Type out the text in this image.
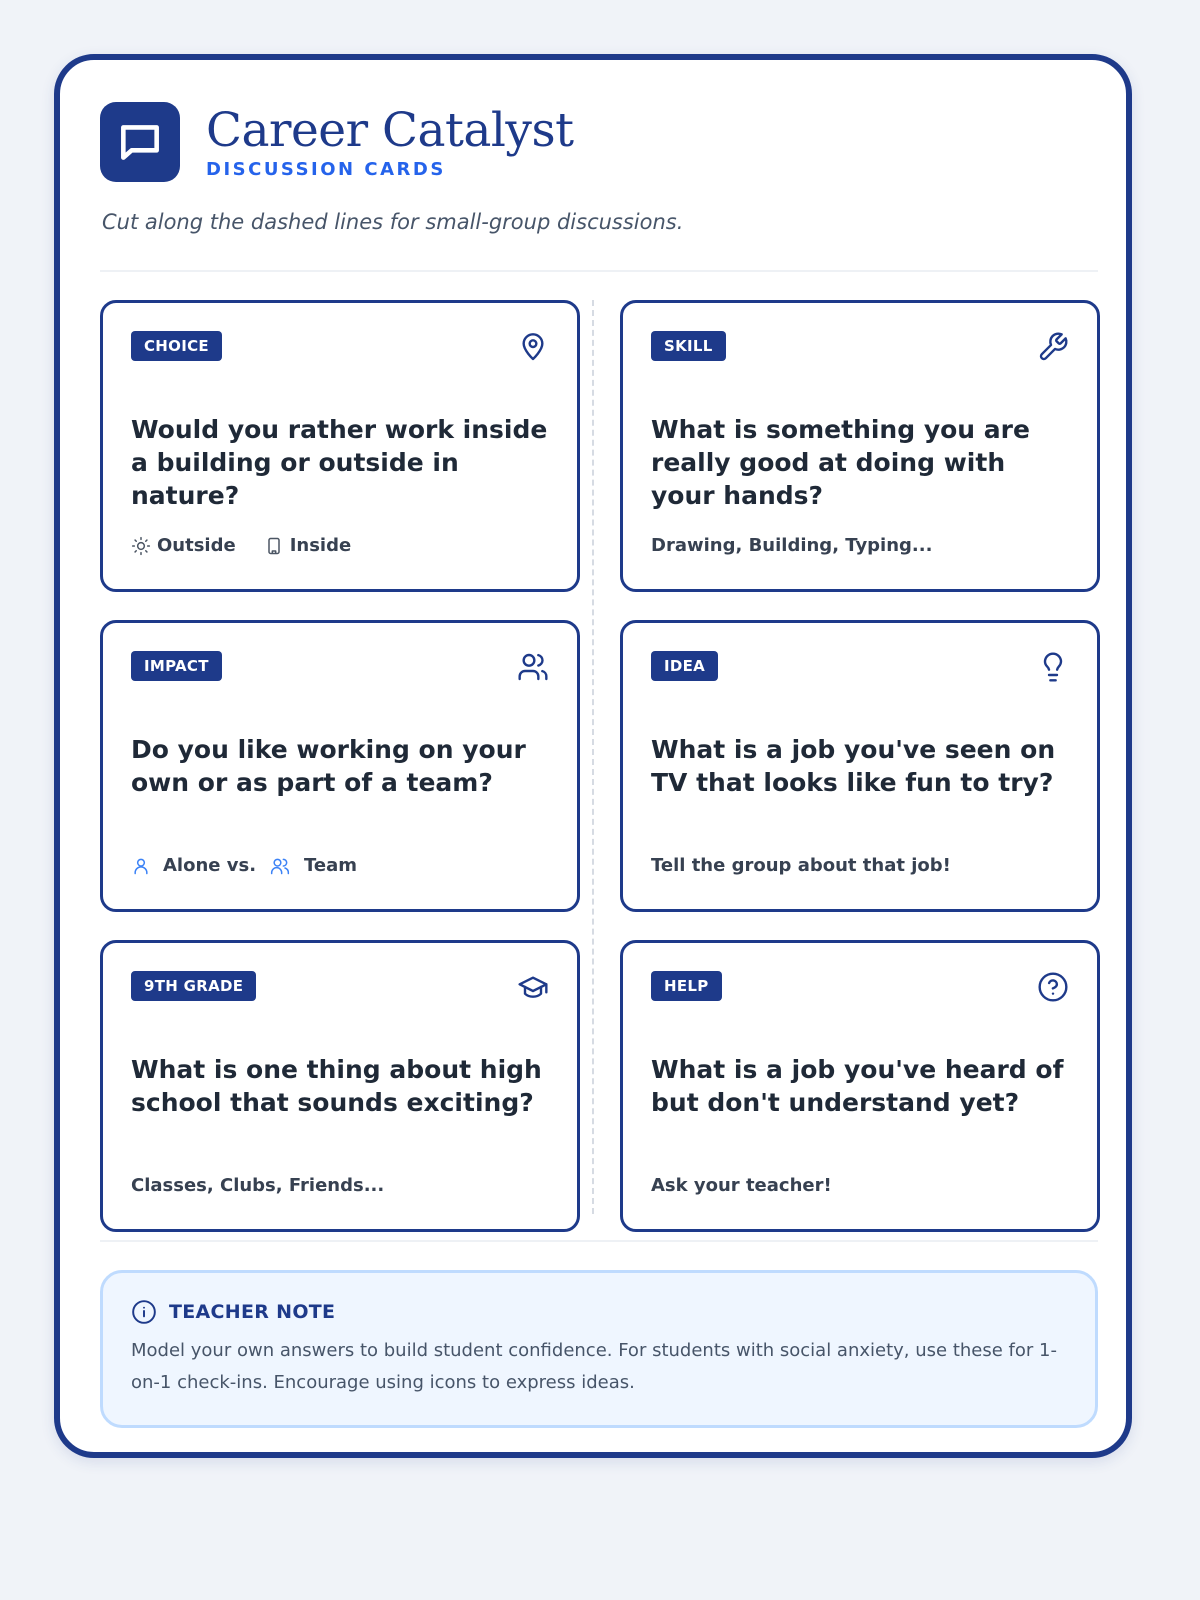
Career Catalyst
DISCUSSION CARDS
Cut along the dashed lines for small-group discussions.
CHOICE
Would you rather work inside a building or outside in nature?
Outside	Inside
SKILL
What is something you are really good at doing with your hands?
Drawing, Building, Typing...
IMPACT
Do you like working on your own or as part of a team?
Alone vs.	Team
IDEA
What is a job you've seen on TV that looks like fun to try?
Tell the group about that job!
9TH GRADE
What is one thing about high school that sounds exciting?
Classes, Clubs, Friends...
HELP
What is a job you've heard of but don't understand yet?
Ask your teacher!
TEACHER NOTE
Model your own answers to build student confidence. For students with social anxiety, use these for 1-on-1 check-ins. Encourage using icons to express ideas.
